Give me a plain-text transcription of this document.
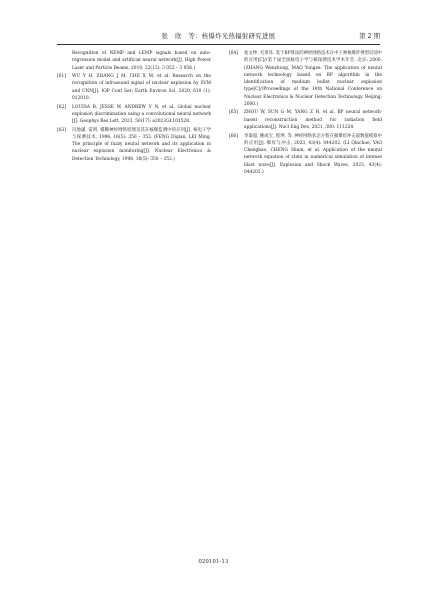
张　欣　等：核爆炸光热辐射研究进展	第 2 期
Recognition of NEMP and LEMP signals based on auto-regression model and artificial neural network[J]. High Power Laser and Particle Beams, 2010, 22(12): 3 052 – 3 056.)
[61] WU Y H, ZHANG J M, CHE X M, et al. Research on the recognition of infrasound signal of nuclear explosion by SVM and CNN[J]. IOP Conf Ser: Earth Environ Sci, 2020, 610 (1): 012010.
[62] LOUISA B, JESSE W, ANDREW V N, et al. Global nuclear explosion discrimination using a convolutional neural network [J]. Geophys Res Lett, 2023, 50(17): e2022GL101528.
[63] 冯地谦, 雷明. 模糊神经网络原理及其在核爆监测中的应用[J]. 核电子学与探测技术, 1996, 16(5): 350 – 353. (FENG Diqian, LEI Ming. The principle of fuzzy neural network and its application in nuclear explosion monitoring[J]. Nuclear Electronics & Detection Technology, 1996, 16(5): 350 – 353.)
[64] 张文仲, 毛用泽. 基于BP算法的神经网络技术在中子弹核爆炸弹型识别中的应用[C]//第十届全国核电子学与核探测技术学术年会. 北京: 2000. (ZHANG Wenzhong, MAO Yongze. The application of neural network technology based on BP algorithm in the identification of medium bullet nuclear explosion type[C]//Proceedings of the 10th National Conference on Nuclear Electronics & Nuclear Detection Technology. Beijing: 2000.)
[65] ZHOU W, SUN G M, YANG Z H, et al. BP neural network-based reconstruction method for radiation field applications[J]. Nucl Eng Des, 2021, 380: 111228.
[66] 李秦超, 姚成宝, 程坤, 等. 神经网络状态方程在强爆炸冲击波数值模拟中的应用[J]. 爆炸与冲击, 2023, 43(4): 044202. (LI Qinchao, YAO Chengbao, CHENG Shuai, et al. Application of the neural network equation of state in numerical simulation of intense blast wave[J]. Explosion and Shock Waves, 2023, 43(4): 044202.)
020101-13
